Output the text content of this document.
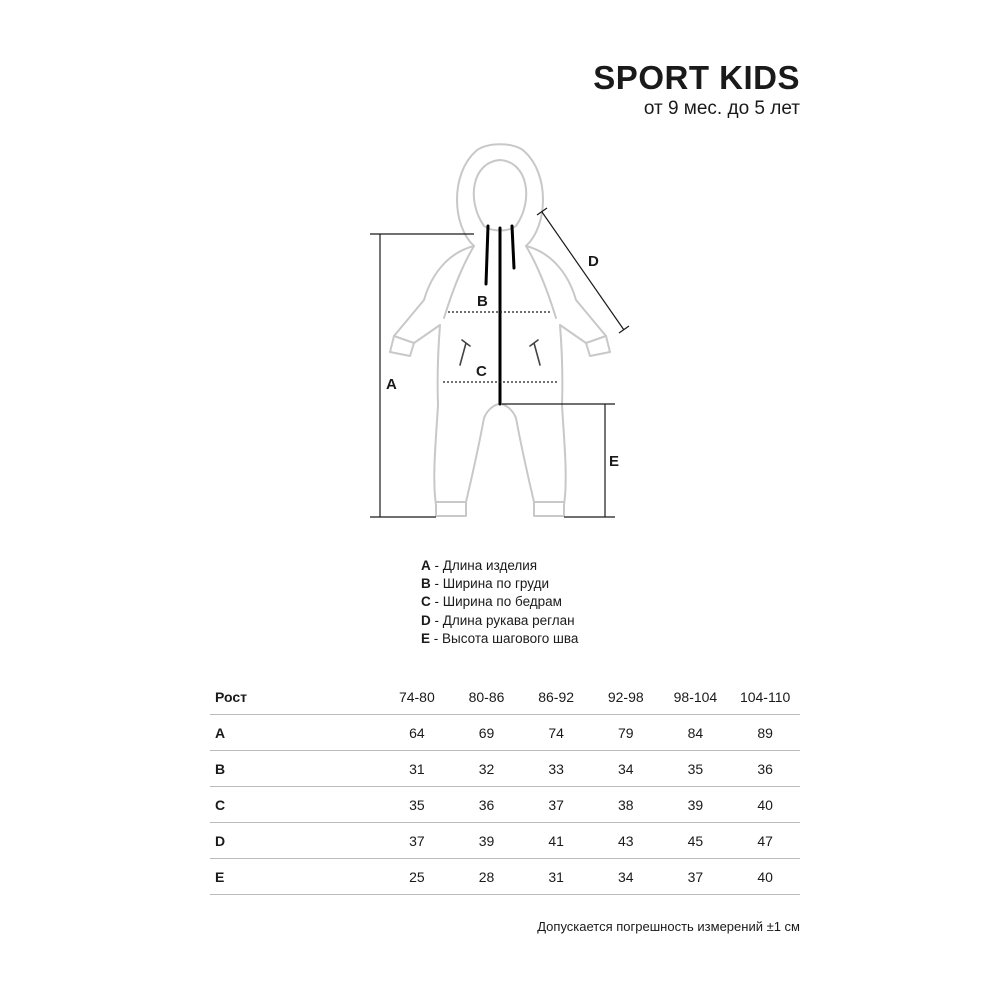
SPORT KIDS
от 9 мес. до 5 лет
A
B
C
D
E
A - Длина изделия
B - Ширина по груди
C - Ширина по бедрам
D - Длина рукава реглан
E - Высота шагового шва
Рост	74-80	80-86	86-92	92-98	98-104	104-110
A	64	69	74	79	84	89
B	31	32	33	34	35	36
C	35	36	37	38	39	40
D	37	39	41	43	45	47
E	25	28	31	34	37	40
Допускается погрешность измерений ±1 см
